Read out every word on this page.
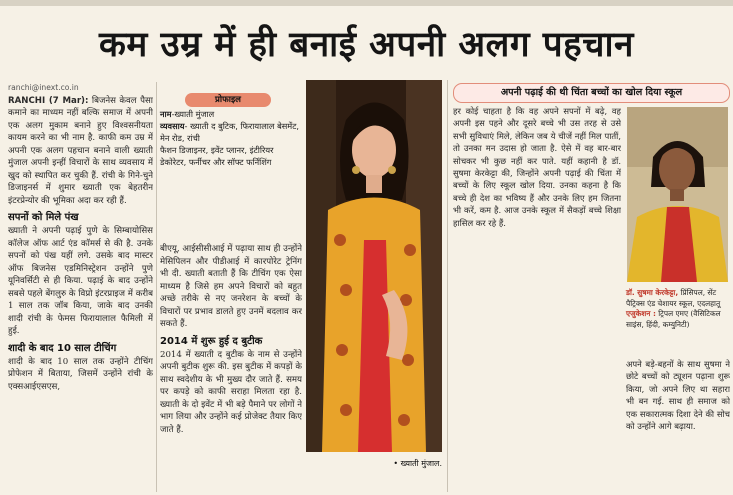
कम उम्र में ही बनाई अपनी अलग पहचान
ranchi@inext.co.in
RANCHI (7 Mar): बिजनेस केवल पैसा कमाने का माध्यम नहीं बल्कि समाज में अपनी एक अलग मुकाम बनाने हुए विश्वसनीयता कायम करने का भी नाम है. काफी कम उम्र में अपनी एक अलग पहचान बनाने वाली ख्याती मुंजाल अपनी इन्हीं विचारों के साथ व्यवसाय में खुद को स्थापित कर चुकी हैं. रांची के गिने-चुने डिजाइनर्स में शुमार ख्याती एक बेहतरीन इंटरप्रेन्योर की भूमिका अदा कर रही हैं.
सपनों को मिले पंख
ख्याती ने अपनी पढ़ाई पुणे के सिम्बायोसिस कॉलेज ऑफ आर्ट एंड कॉमर्स से की है. उनके सपनों को पंख यहीं लगे. उसके बाद मास्टर ऑफ बिजनेस एडमिनिस्ट्रेशन उन्होंने पुणे यूनिवर्सिटी से ही किया. पढ़ाई के बाद उन्होंने सबसे पहले बेंगलुरु के विप्रो इंटरप्राइज में करीब 1 साल तक जॉब किया, जाके बाद उनकी शादी रांची के फेमस फिरायालाल फैमिली में हुई.
शादी के बाद 10 साल टीचिंग
शादी के बाद 10 साल तक उन्होंने टीचिंग प्रोफेशन में बिताया, जिसमें उन्होंने रांची के एक्सआईएसएस,
प्रोफाइल
नाम-ख्याती मुंजाल
व्यवसाय- ख्याती द बुटिक, फिरायालाल बेसमेंट, मेन रोड, रांची
फैशन डिजाइनर, इवेंट प्लानर, इंटीरियर डेकोरेटर, फर्नीचर और सॉफ्ट फर्निशिंग
बीएयू, आईसीसीआई में पढ़ाया साथ ही उन्होंने मेसिपिलन और पीडीआई में कारपोरेट ट्रेनिंग भी दी. ख्याती बताती हैं कि टीचिंग एक ऐसा माध्यम है जिसे हम अपने विचारों को बहुत अच्छे तरीके से नए जनरेशन के बच्चों के विचारों पर प्रभाव डालते हुए उनमें बदलाव कर सकते हैं.
2014 में शुरू हुई द बुटीक
2014 में ख्याती द बुटीक के नाम से उन्होंने अपनी बुटीक शुरू की. इस बुटीक में कपड़ों के साथ स्वदेशीय के भी मुख्य दौर जाते हैं. समय पर कपड़े को काफी सराहा मिलता रहा है. ख्याती के दो इवेंट में भी बड़े पैमाने पर लोगों ने भाग लिया और उन्होंने कई प्रोजेक्ट तैयार किए जाते हैं.
• ख्याती मुंजाल.
अपनी पढ़ाई की थी चिंता बच्चों का खोल दिया स्कूल
हर कोई चाहता है कि वह अपने सपनों में बढ़े, वह अपनी इस पहने और दूसरे बच्चे भी उस तरह से उसे सभी सुविधाएं मिले, लेकिन जब ये चीजें नहीं मिल पातीं, तो उनका मन उदास हो जाता है. ऐसे में वह बार-बार सोचकर भी कुछ नहीं कर पाते. यहीं कहानी है डॉ. सुषमा केरकेट्टा की, जिन्होंने अपनी पढ़ाई की चिंता में बच्चों के लिए स्कूल खोल दिया. उनका कहना है कि बच्चे ही देश का भविष्य हैं और उनके लिए हम जितना भी करें, कम है. आज उनके स्कूल में सैकड़ों बच्चे शिक्षा हासिल कर रहे हैं.
डॉ. सुषमा केरकेट्टा, प्रिंसिपल, सेंट पैट्रिक्स एंड चेशायर स्कूल, एदलहातू
एजुकेशन : ट्रिपल एमए (वैसिटिकल साइंस, हिंदी, कम्युनिटी)
अपने बड़े-बहनों के साथ सुषमा ने छोटे बच्चों को ट्यूशन पढ़ाना शुरू किया, जो अपने लिए था सहारा भी बन गई. साथ ही समाज को एक सकारात्मक दिशा देने की सोच को उन्होंने आगे बढ़ाया.
